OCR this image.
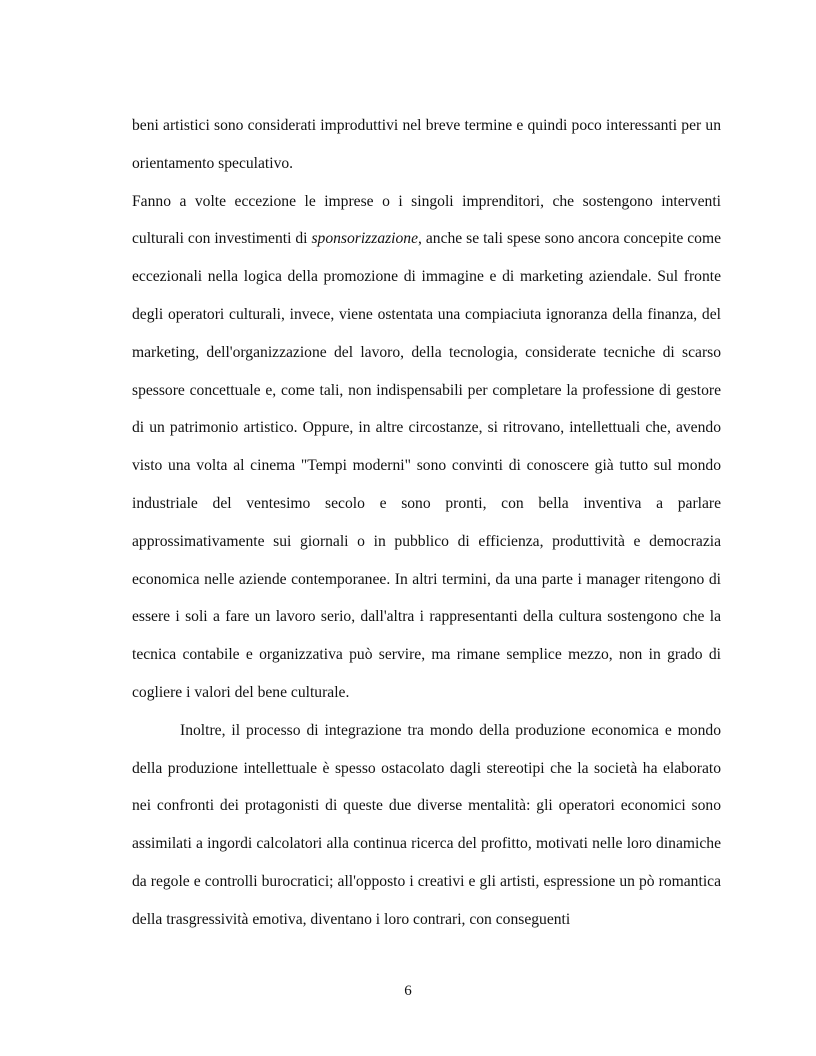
beni artistici sono considerati improduttivi nel breve termine e quindi poco interessanti per un orientamento speculativo.

Fanno a volte eccezione le imprese o i singoli imprenditori, che sostengono interventi culturali con investimenti di sponsorizzazione, anche se tali spese sono ancora concepite come eccezionali nella logica della promozione di immagine e di marketing aziendale. Sul fronte degli operatori culturali, invece, viene ostentata una compiaciuta ignoranza della finanza, del marketing, dell'organizzazione del lavoro, della tecnologia, considerate tecniche di scarso spessore concettuale e, come tali, non indispensabili per completare la professione di gestore di un patrimonio artistico. Oppure, in altre circostanze, si ritrovano, intellettuali che, avendo visto una volta al cinema "Tempi moderni" sono convinti di conoscere già tutto sul mondo industriale del ventesimo secolo e sono pronti, con bella inventiva a parlare approssimativamente sui giornali o in pubblico di efficienza, produttività e democrazia economica nelle aziende contemporanee. In altri termini, da una parte i manager ritengono di essere i soli a fare un lavoro serio, dall'altra i rappresentanti della cultura sostengono che la tecnica contabile e organizzativa può servire, ma rimane semplice mezzo, non in grado di cogliere i valori del bene culturale.

Inoltre, il processo di integrazione tra mondo della produzione economica e mondo della produzione intellettuale è spesso ostacolato dagli stereotipi che la società ha elaborato nei confronti dei protagonisti di queste due diverse mentalità: gli operatori economici sono assimilati a ingordi calcolatori alla continua ricerca del profitto, motivati nelle loro dinamiche da regole e controlli burocratici; all'opposto i creativi e gli artisti, espressione un pò romantica della trasgressività emotiva, diventano i loro contrari, con conseguenti

6
